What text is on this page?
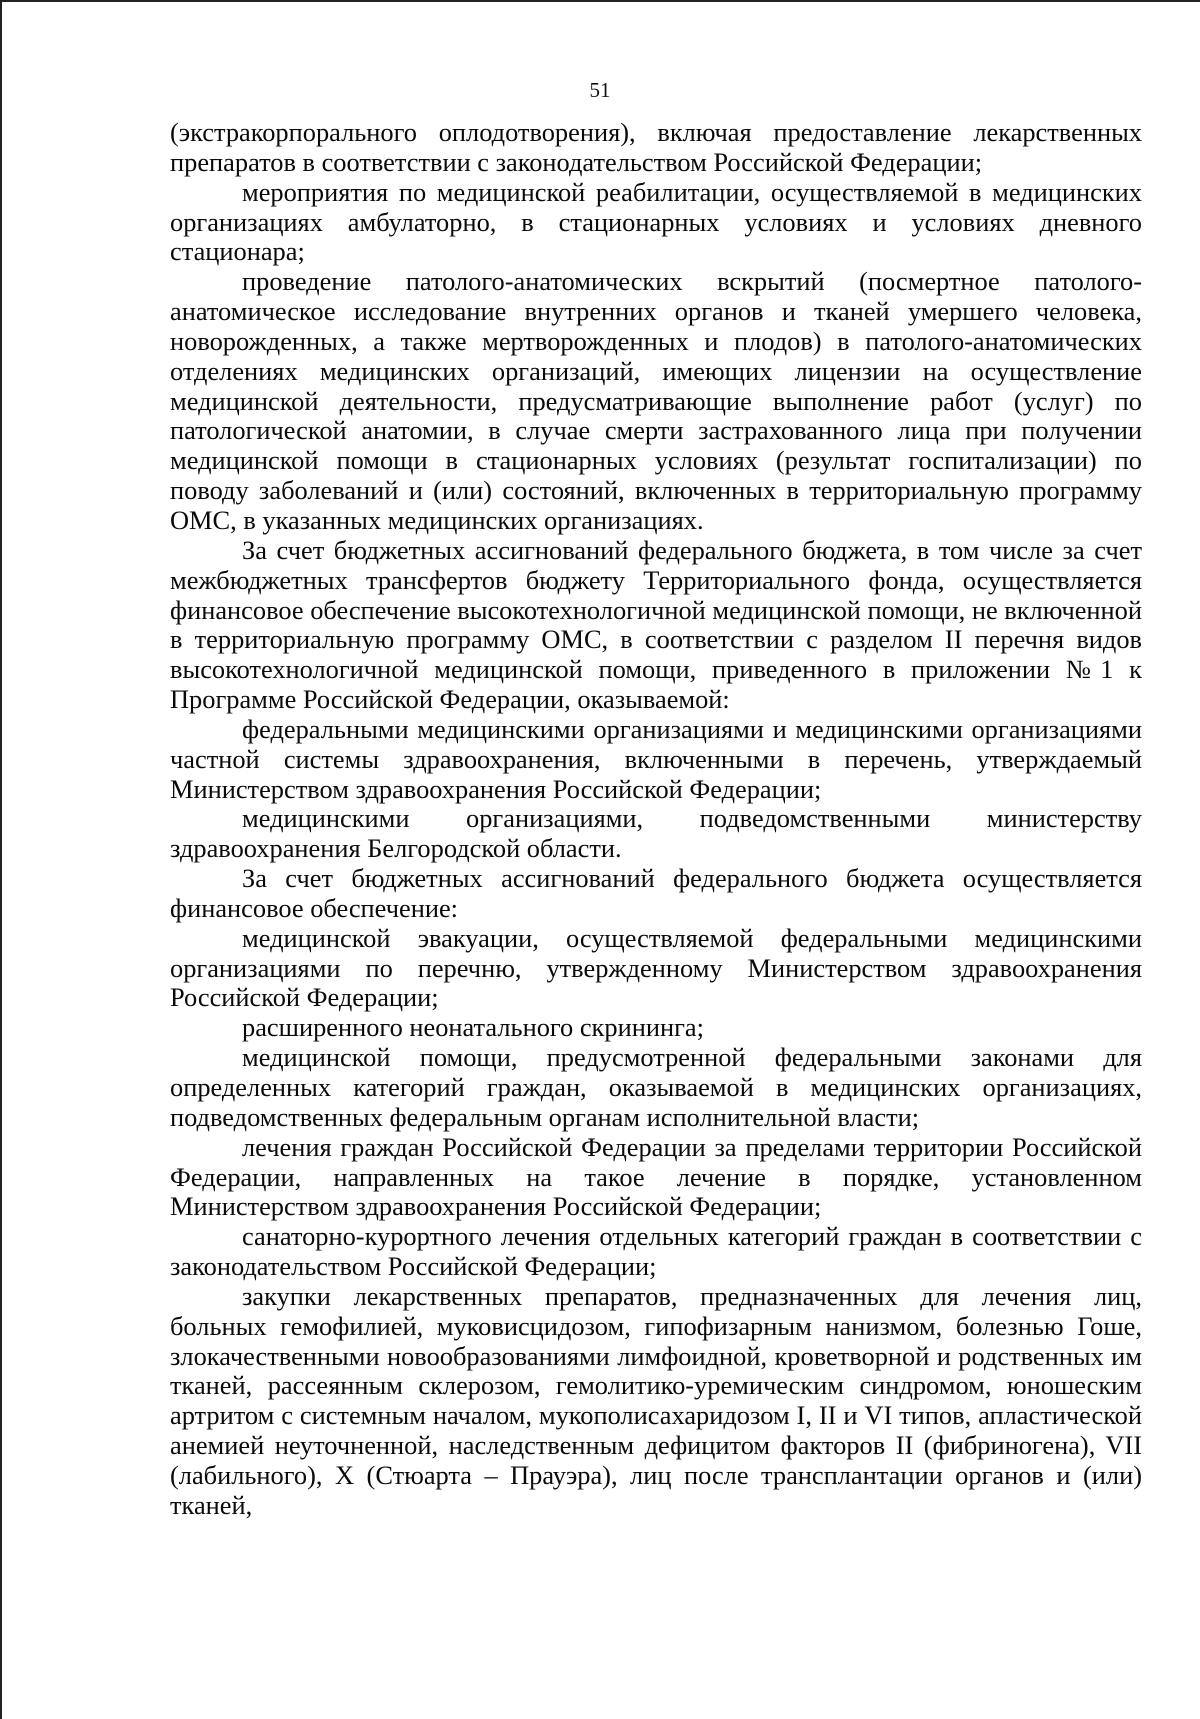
51

(экстракорпорального оплодотворения), включая предоставление лекарственных препаратов в соответствии с законодательством Российской Федерации;

мероприятия по медицинской реабилитации, осуществляемой в медицинских организациях амбулаторно, в стационарных условиях и условиях дневного стационара;

проведение патолого-анатомических вскрытий (посмертное патолого-анатомическое исследование внутренних органов и тканей умершего человека, новорожденных, а также мертворожденных и плодов) в патолого-анатомических отделениях медицинских организаций, имеющих лицензии на осуществление медицинской деятельности, предусматривающие выполнение работ (услуг) по патологической анатомии, в случае смерти застрахованного лица при получении медицинской помощи в стационарных условиях (результат госпитализации) по поводу заболеваний и (или) состояний, включенных в территориальную программу ОМС, в указанных медицинских организациях.

За счет бюджетных ассигнований федерального бюджета, в том числе за счет межбюджетных трансфертов бюджету Территориального фонда, осуществляется финансовое обеспечение высокотехнологичной медицинской помощи, не включенной в территориальную программу ОМС, в соответствии с разделом II перечня видов высокотехнологичной медицинской помощи, приведенного в приложении №1 к Программе Российской Федерации, оказываемой:

федеральными медицинскими организациями и медицинскими организациями частной системы здравоохранения, включенными в перечень, утверждаемый Министерством здравоохранения Российской Федерации;

медицинскими организациями, подведомственными министерству здравоохранения Белгородской области.

За счет бюджетных ассигнований федерального бюджета осуществляется финансовое обеспечение:

медицинской эвакуации, осуществляемой федеральными медицинскими организациями по перечню, утвержденному Министерством здравоохранения Российской Федерации;

расширенного неонатального скрининга;

медицинской помощи, предусмотренной федеральными законами для определенных категорий граждан, оказываемой в медицинских организациях, подведомственных федеральным органам исполнительной власти;

лечения граждан Российской Федерации за пределами территории Российской Федерации, направленных на такое лечение в порядке, установленном Министерством здравоохранения Российской Федерации;

санаторно-курортного лечения отдельных категорий граждан в соответствии с законодательством Российской Федерации;

закупки лекарственных препаратов, предназначенных для лечения лиц, больных гемофилией, муковисцидозом, гипофизарным нанизмом, болезнью Гоше, злокачественными новообразованиями лимфоидной, кроветворной и родственных им тканей, рассеянным склерозом, гемолитико-уремическим синдромом, юношеским артритом с системным началом, мукополисахаридозом I, II и VI типов, апластической анемией неуточненной, наследственным дефицитом факторов II (фибриногена), VII (лабильного), X (Стюарта – Прауэра), лиц после трансплантации органов и (или) тканей,
